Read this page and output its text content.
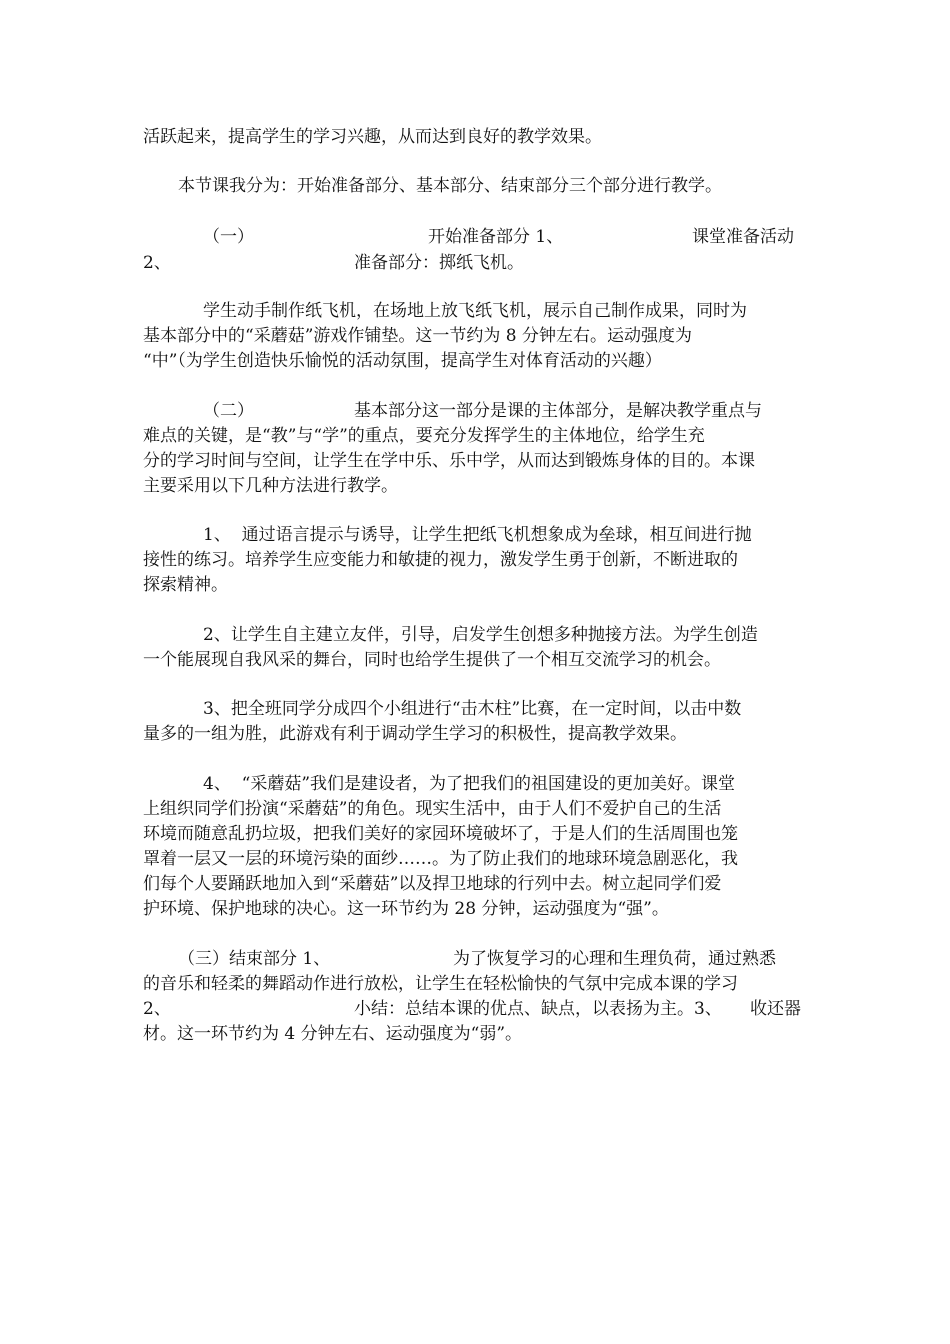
活跃起来，提高学生的学习兴趣，从而达到良好的教学效果。
本节课我分为：开始准备部分、基本部分、结束部分三个部分进行教学。
（一）	开始准备部分 1、	课堂准备活动
2、	准备部分：掷纸飞机。
学生动手制作纸飞机，在场地上放飞纸飞机，展示自己制作成果，同时为
基本部分中的“采蘑菇”游戏作铺垫。这一节约为 8 分钟左右。运动强度为
“中”（为学生创造快乐愉悦的活动氛围，提高学生对体育活动的兴趣）
（二）	基本部分这一部分是课的主体部分，是解决教学重点与
难点的关键，是“教”与“学”的重点，要充分发挥学生的主体地位，给学生充
分的学习时间与空间，让学生在学中乐、乐中学，从而达到锻炼身体的目的。本课
主要采用以下几种方法进行教学。
1、  通过语言提示与诱导，让学生把纸飞机想象成为垒球，相互间进行抛
接性的练习。培养学生应变能力和敏捷的视力，激发学生勇于创新，不断进取的
探索精神。
2、让学生自主建立友伴，引导，启发学生创想多种抛接方法。为学生创造
一个能展现自我风采的舞台，同时也给学生提供了一个相互交流学习的机会。
3、把全班同学分成四个小组进行“击木柱”比赛，在一定时间，以击中数
量多的一组为胜，此游戏有利于调动学生学习的积极性，提高教学效果。
4、  “采蘑菇”我们是建设者，为了把我们的祖国建设的更加美好。课堂
上组织同学们扮演“采蘑菇”的角色。现实生活中，由于人们不爱护自己的生活
环境而随意乱扔垃圾，把我们美好的家园环境破坏了，于是人们的生活周围也笼
罩着一层又一层的环境污染的面纱……。为了防止我们的地球环境急剧恶化，我
们每个人要踊跃地加入到“采蘑菇”以及捍卫地球的行列中去。树立起同学们爱
护环境、保护地球的决心。这一环节约为 28 分钟，运动强度为“强”。
（三）结束部分 1、	为了恢复学习的心理和生理负荷，通过熟悉
的音乐和轻柔的舞蹈动作进行放松，让学生在轻松愉快的气氛中完成本课的学习
2、	小结：总结本课的优点、缺点，以表扬为主。3、 收还器
材。这一环节约为 4 分钟左右、运动强度为“弱”。
